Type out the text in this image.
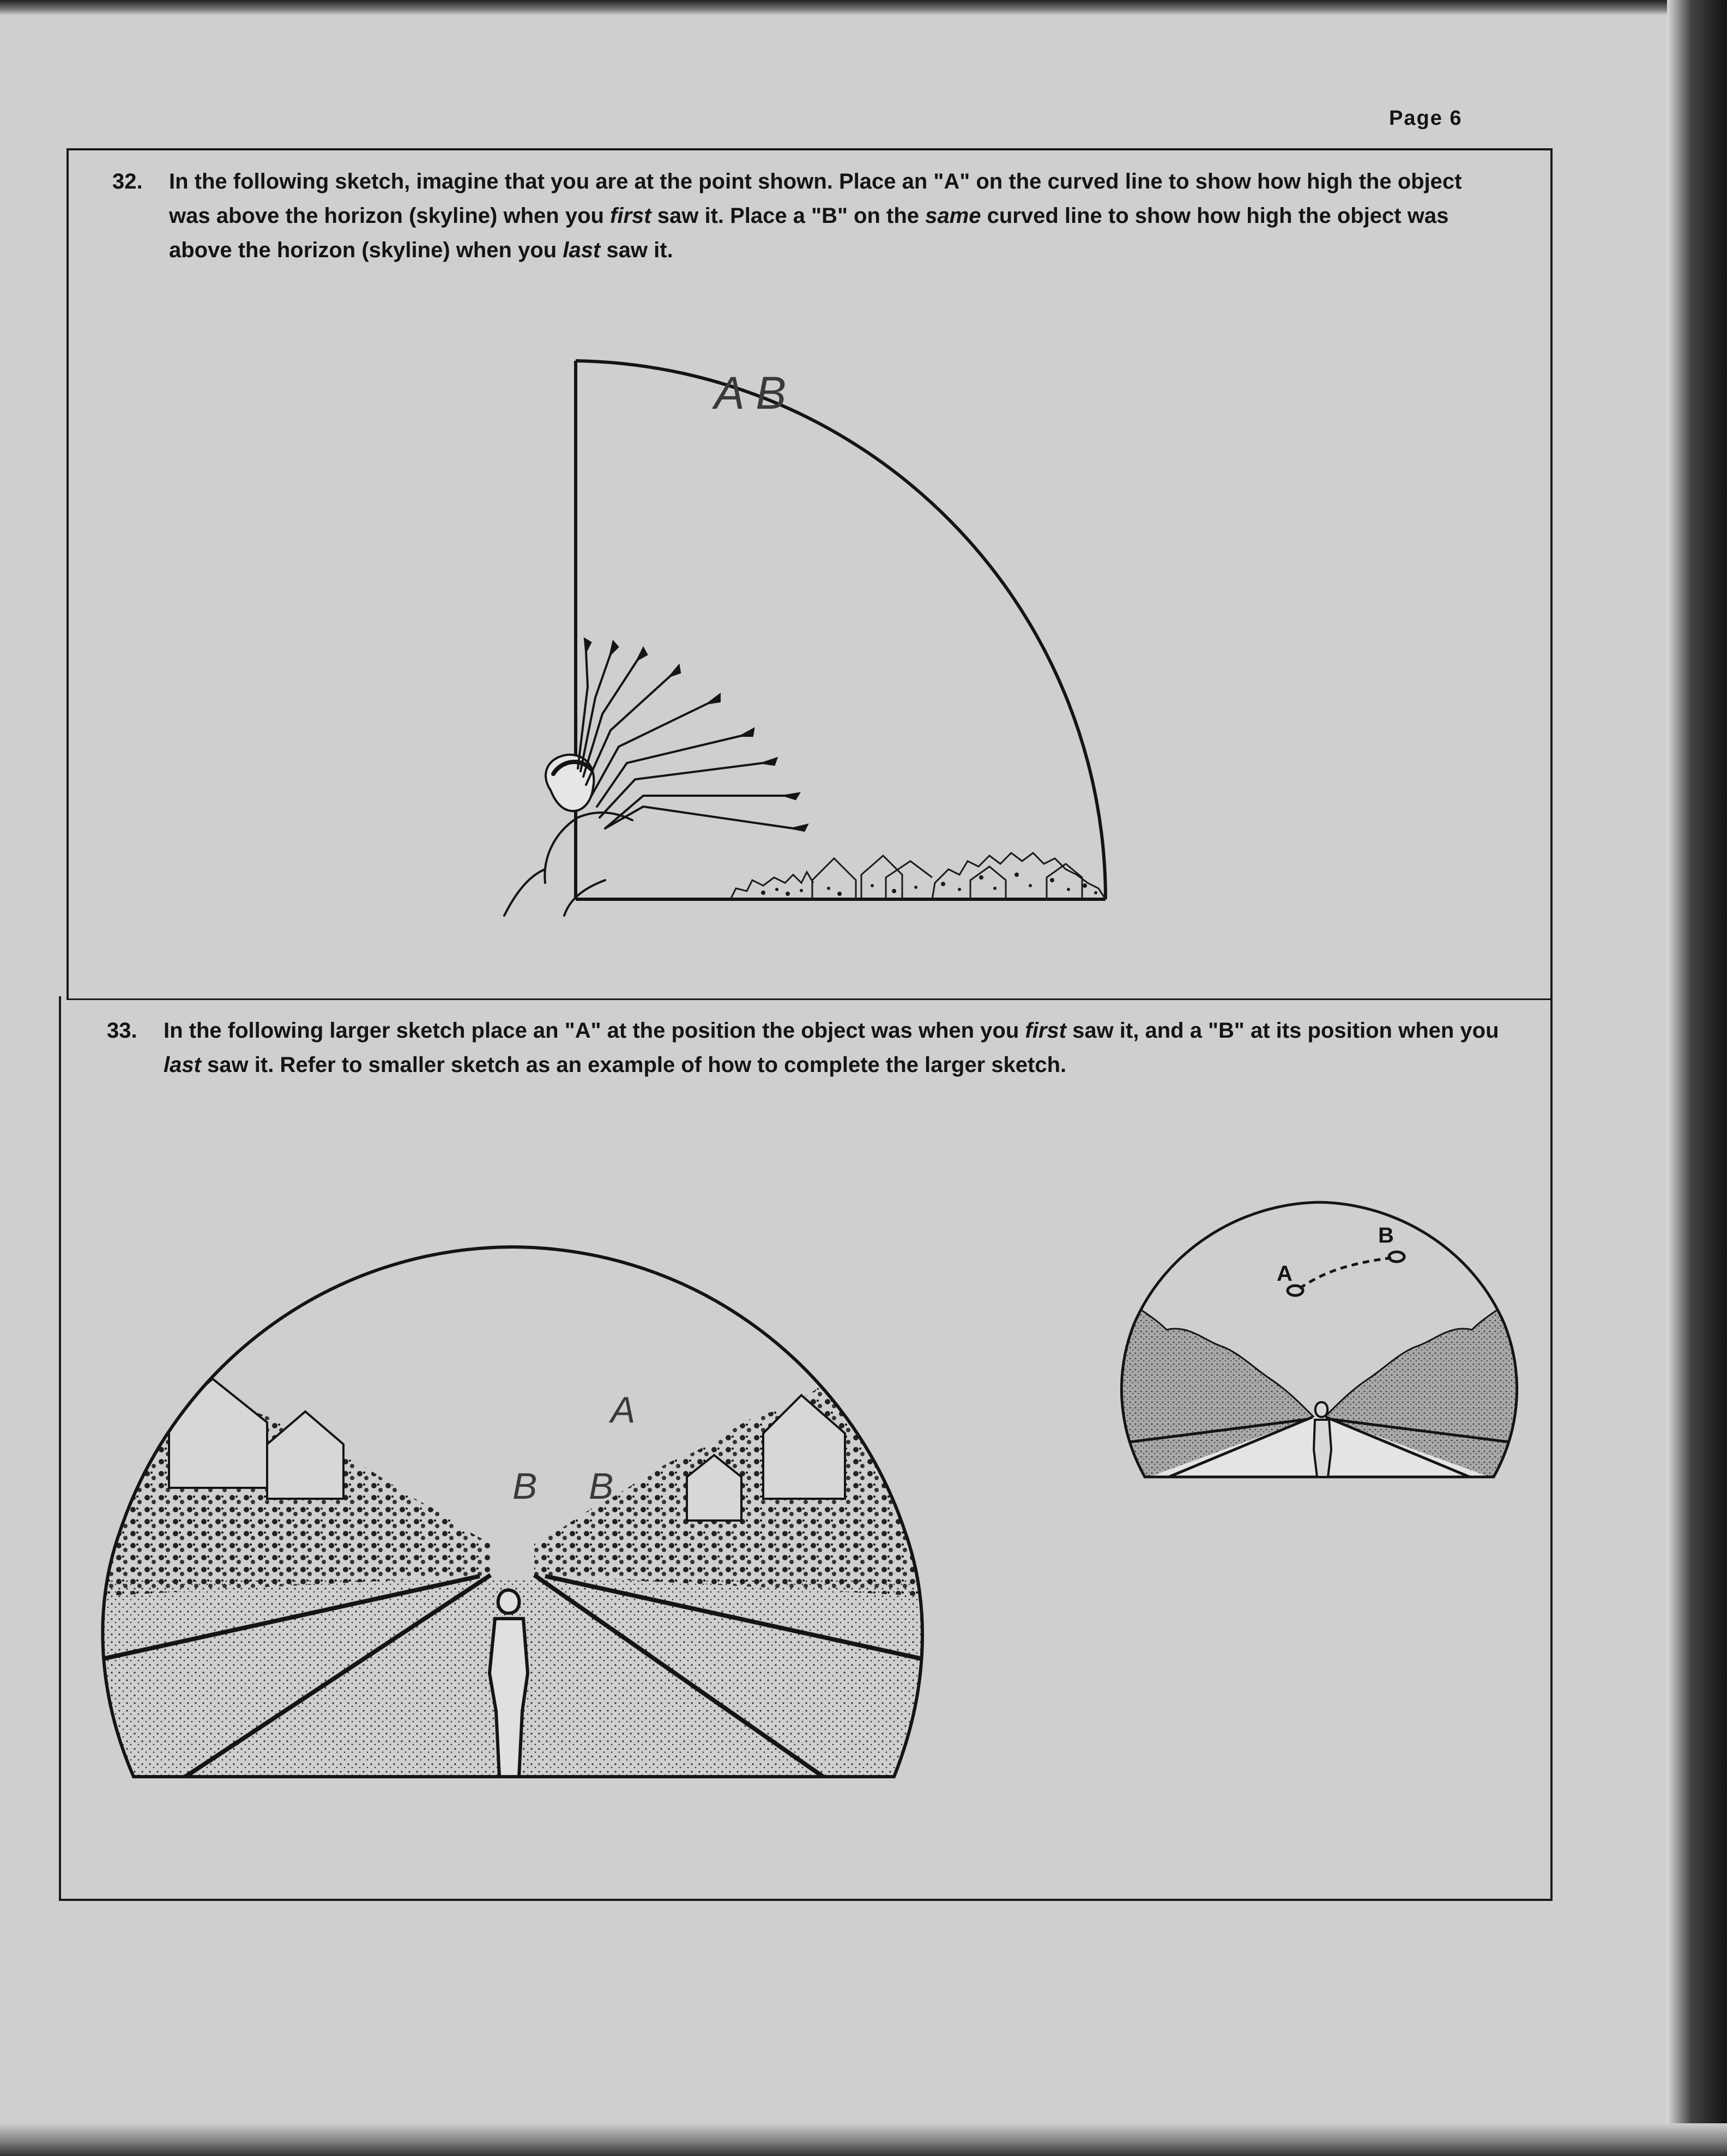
Page 6

32.	In the following sketch, imagine that you are at the point shown. Place an "A" on the curved line to show how high the object was above the horizon (skyline) when you first saw it. Place a "B" on the same curved line to show how high the object was above the horizon (skyline) when you last saw it.

A B

33.	In the following larger sketch place an "A" at the position the object was when you first saw it, and a "B" at its position when you last saw it. Refer to smaller sketch as an example of how to complete the larger sketch.

A
B B
A
B
